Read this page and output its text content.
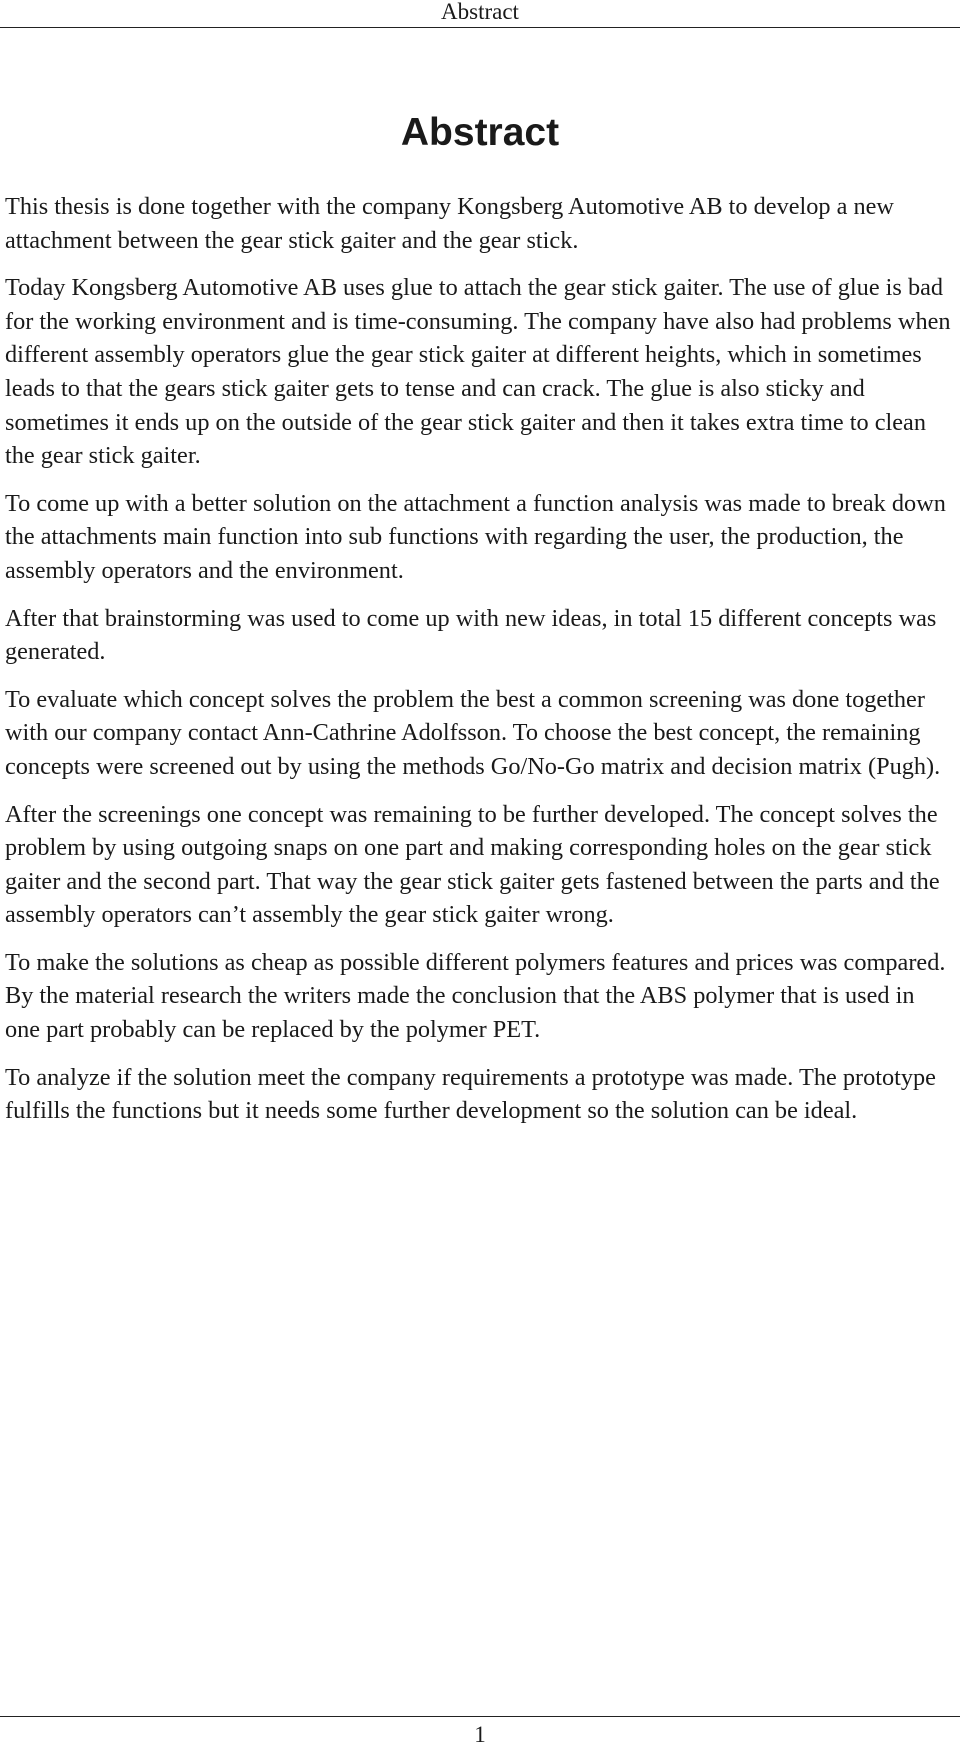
Abstract
Abstract

This thesis is done together with the company Kongsberg Automotive AB to develop a new attachment between the gear stick gaiter and the gear stick.

Today Kongsberg Automotive AB uses glue to attach the gear stick gaiter. The use of glue is bad for the working environment and is time-consuming. The company have also had problems when different assembly operators glue the gear stick gaiter at different heights, which in sometimes leads to that the gears stick gaiter gets to tense and can crack. The glue is also sticky and sometimes it ends up on the outside of the gear stick gaiter and then it takes extra time to clean the gear stick gaiter.

To come up with a better solution on the attachment a function analysis was made to break down the attachments main function into sub functions with regarding the user, the production, the assembly operators and the environment.

After that brainstorming was used to come up with new ideas, in total 15 different concepts was generated.

To evaluate which concept solves the problem the best a common screening was done together with our company contact Ann-Cathrine Adolfsson. To choose the best concept, the remaining concepts were screened out by using the methods Go/No-Go matrix and decision matrix (Pugh).

After the screenings one concept was remaining to be further developed. The concept solves the problem by using outgoing snaps on one part and making corresponding holes on the gear stick gaiter and the second part. That way the gear stick gaiter gets fastened between the parts and the assembly operators can’t assembly the gear stick gaiter wrong.

To make the solutions as cheap as possible different polymers features and prices was compared. By the material research the writers made the conclusion that the ABS polymer that is used in one part probably can be replaced by the polymer PET.

To analyze if the solution meet the company requirements a prototype was made. The prototype fulfills the functions but it needs some further development so the solution can be ideal.

1
